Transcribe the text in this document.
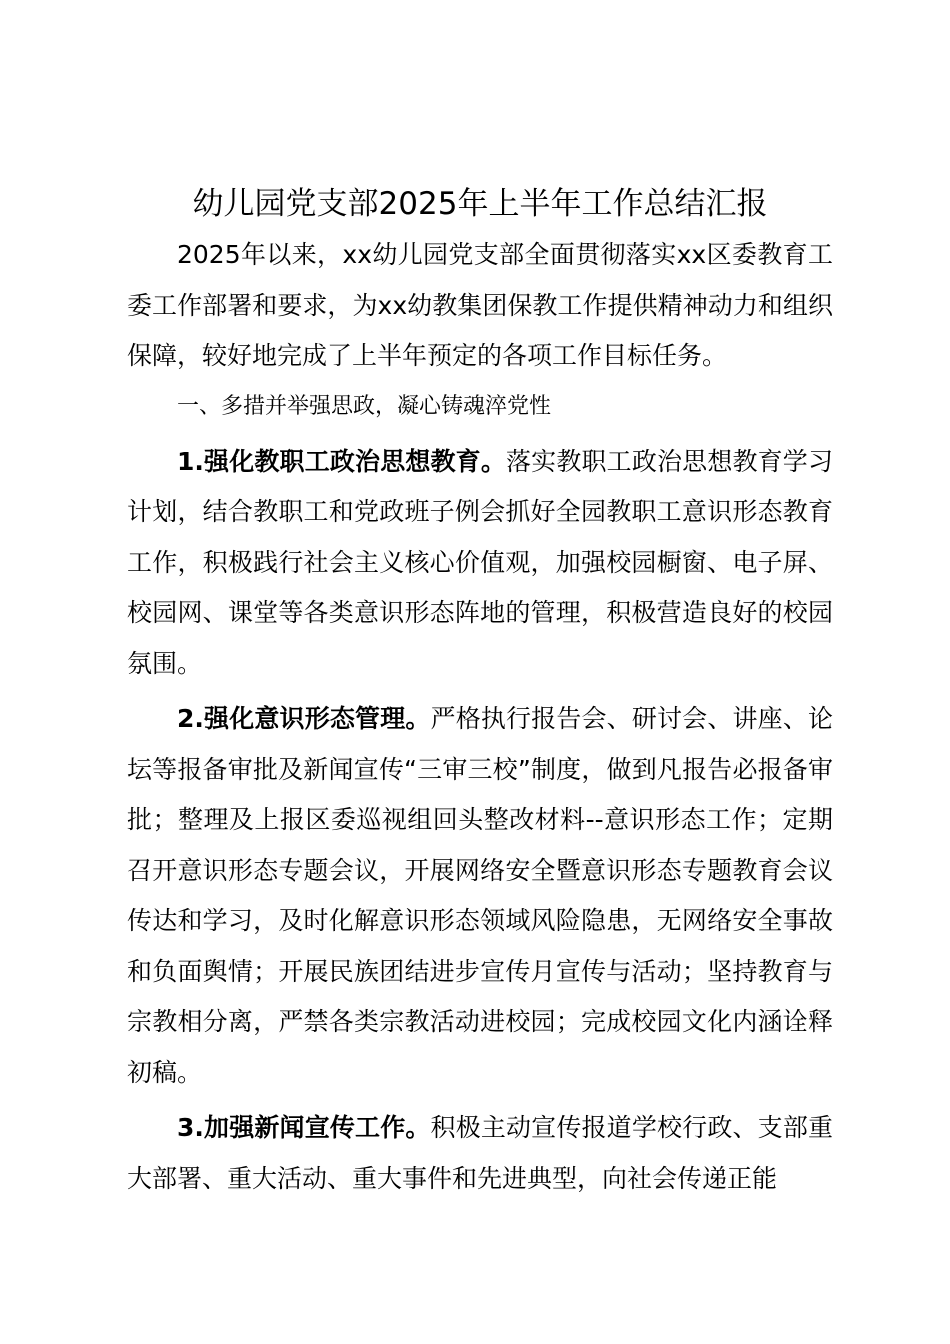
幼儿园党支部2025年上半年工作总结汇报

2025年以来，xx幼儿园党支部全面贯彻落实xx区委教育工委工作部署和要求，为xx幼教集团保教工作提供精神动力和组织保障，较好地完成了上半年预定的各项工作目标任务。

一、多措并举强思政，凝心铸魂淬党性

1.强化教职工政治思想教育。落实教职工政治思想教育学习计划，结合教职工和党政班子例会抓好全园教职工意识形态教育工作，积极践行社会主义核心价值观，加强校园橱窗、电子屏、校园网、课堂等各类意识形态阵地的管理，积极营造良好的校园氛围。

2.强化意识形态管理。严格执行报告会、研讨会、讲座、论坛等报备审批及新闻宣传“三审三校”制度，做到凡报告必报备审批；整理及上报区委巡视组回头整改材料--意识形态工作；定期召开意识形态专题会议，开展网络安全暨意识形态专题教育会议传达和学习，及时化解意识形态领域风险隐患，无网络安全事故和负面舆情；开展民族团结进步宣传月宣传与活动；坚持教育与宗教相分离，严禁各类宗教活动进校园；完成校园文化内涵诠释初稿。

3.加强新闻宣传工作。积极主动宣传报道学校行政、支部重大部署、重大活动、重大事件和先进典型，向社会传递正能
